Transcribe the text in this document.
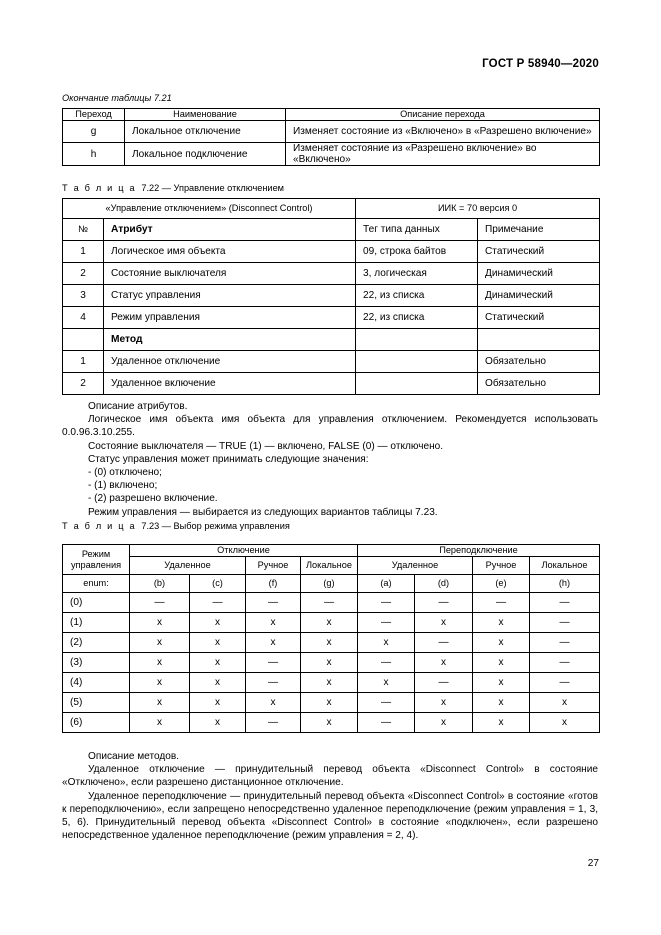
ГОСТ Р 58940—2020
Окончание таблицы 7.21
Переход	Наименование	Описание перехода
g	Локальное отключение	Изменяет состояние из «Включено» в «Разрешено включение»
h	Локальное подключение	Изменяет состояние из «Разрешено включение» во «Включено»
Т а б л и ц а 7.22 — Управление отключением
«Управление отключением» (Disconnect Control)		ИИК = 70 версия 0	
№	Атрибут	Тег типа данных	Примечание
1	Логическое имя объекта	09, строка байтов	Статический
2	Состояние выключателя	3, логическая	Динамический
3	Статус управления	22, из списка	Динамический
4	Режим управления	22, из списка	Статический
	Метод		
1	Удаленное отключение		Обязательно
2	Удаленное включение		Обязательно

Описание атрибутов.

Логическое имя объекта имя объекта для управления отключением. Рекомендуется использовать 0.0.96.3.10.255.

Состояние выключателя — TRUE (1) — включено, FALSE (0) — отключено.

Статус управления может принимать следующие значения:

- (0) отключено;

- (1) включено;

- (2) разрешено включение.

Режим управления — выбирается из следующих вариантов таблицы 7.23.

Т а б л и ц а 7.23 — Выбор режима управления
Режим
управления	Отключение				Переподключение			
	Удаленное		Ручное	Локальное	Удаленное		Ручное	Локальное
enum:	(b)	(c)	(f)	(g)	(a)	(d)	(e)	(h)
(0)	—	—	—	—	—	—	—	—
(1)	x	x	x	x	—	x	x	—
(2)	x	x	x	x	x	—	x	—
(3)	x	x	—	x	—	x	x	—
(4)	x	x	—	x	x	—	x	—
(5)	x	x	x	x	—	x	x	x
(6)	x	x	—	x	—	x	x	x

Описание методов.

Удаленное отключение — принудительный перевод объекта «Disconnect Control» в состояние «Отключено», если разрешено дистанционное отключение.

Удаленное переподключение — принудительный перевод объекта «Disconnect Control» в состояние «готов к переподключению», если запрещено непосредственно удаленное переподключение (режим управления = 1, 3, 5, 6). Принудительный перевод объекта «Disconnect Control» в состояние «подключен», если разрешено непосредственное удаленное переподключение (режим управления = 2, 4).

27
